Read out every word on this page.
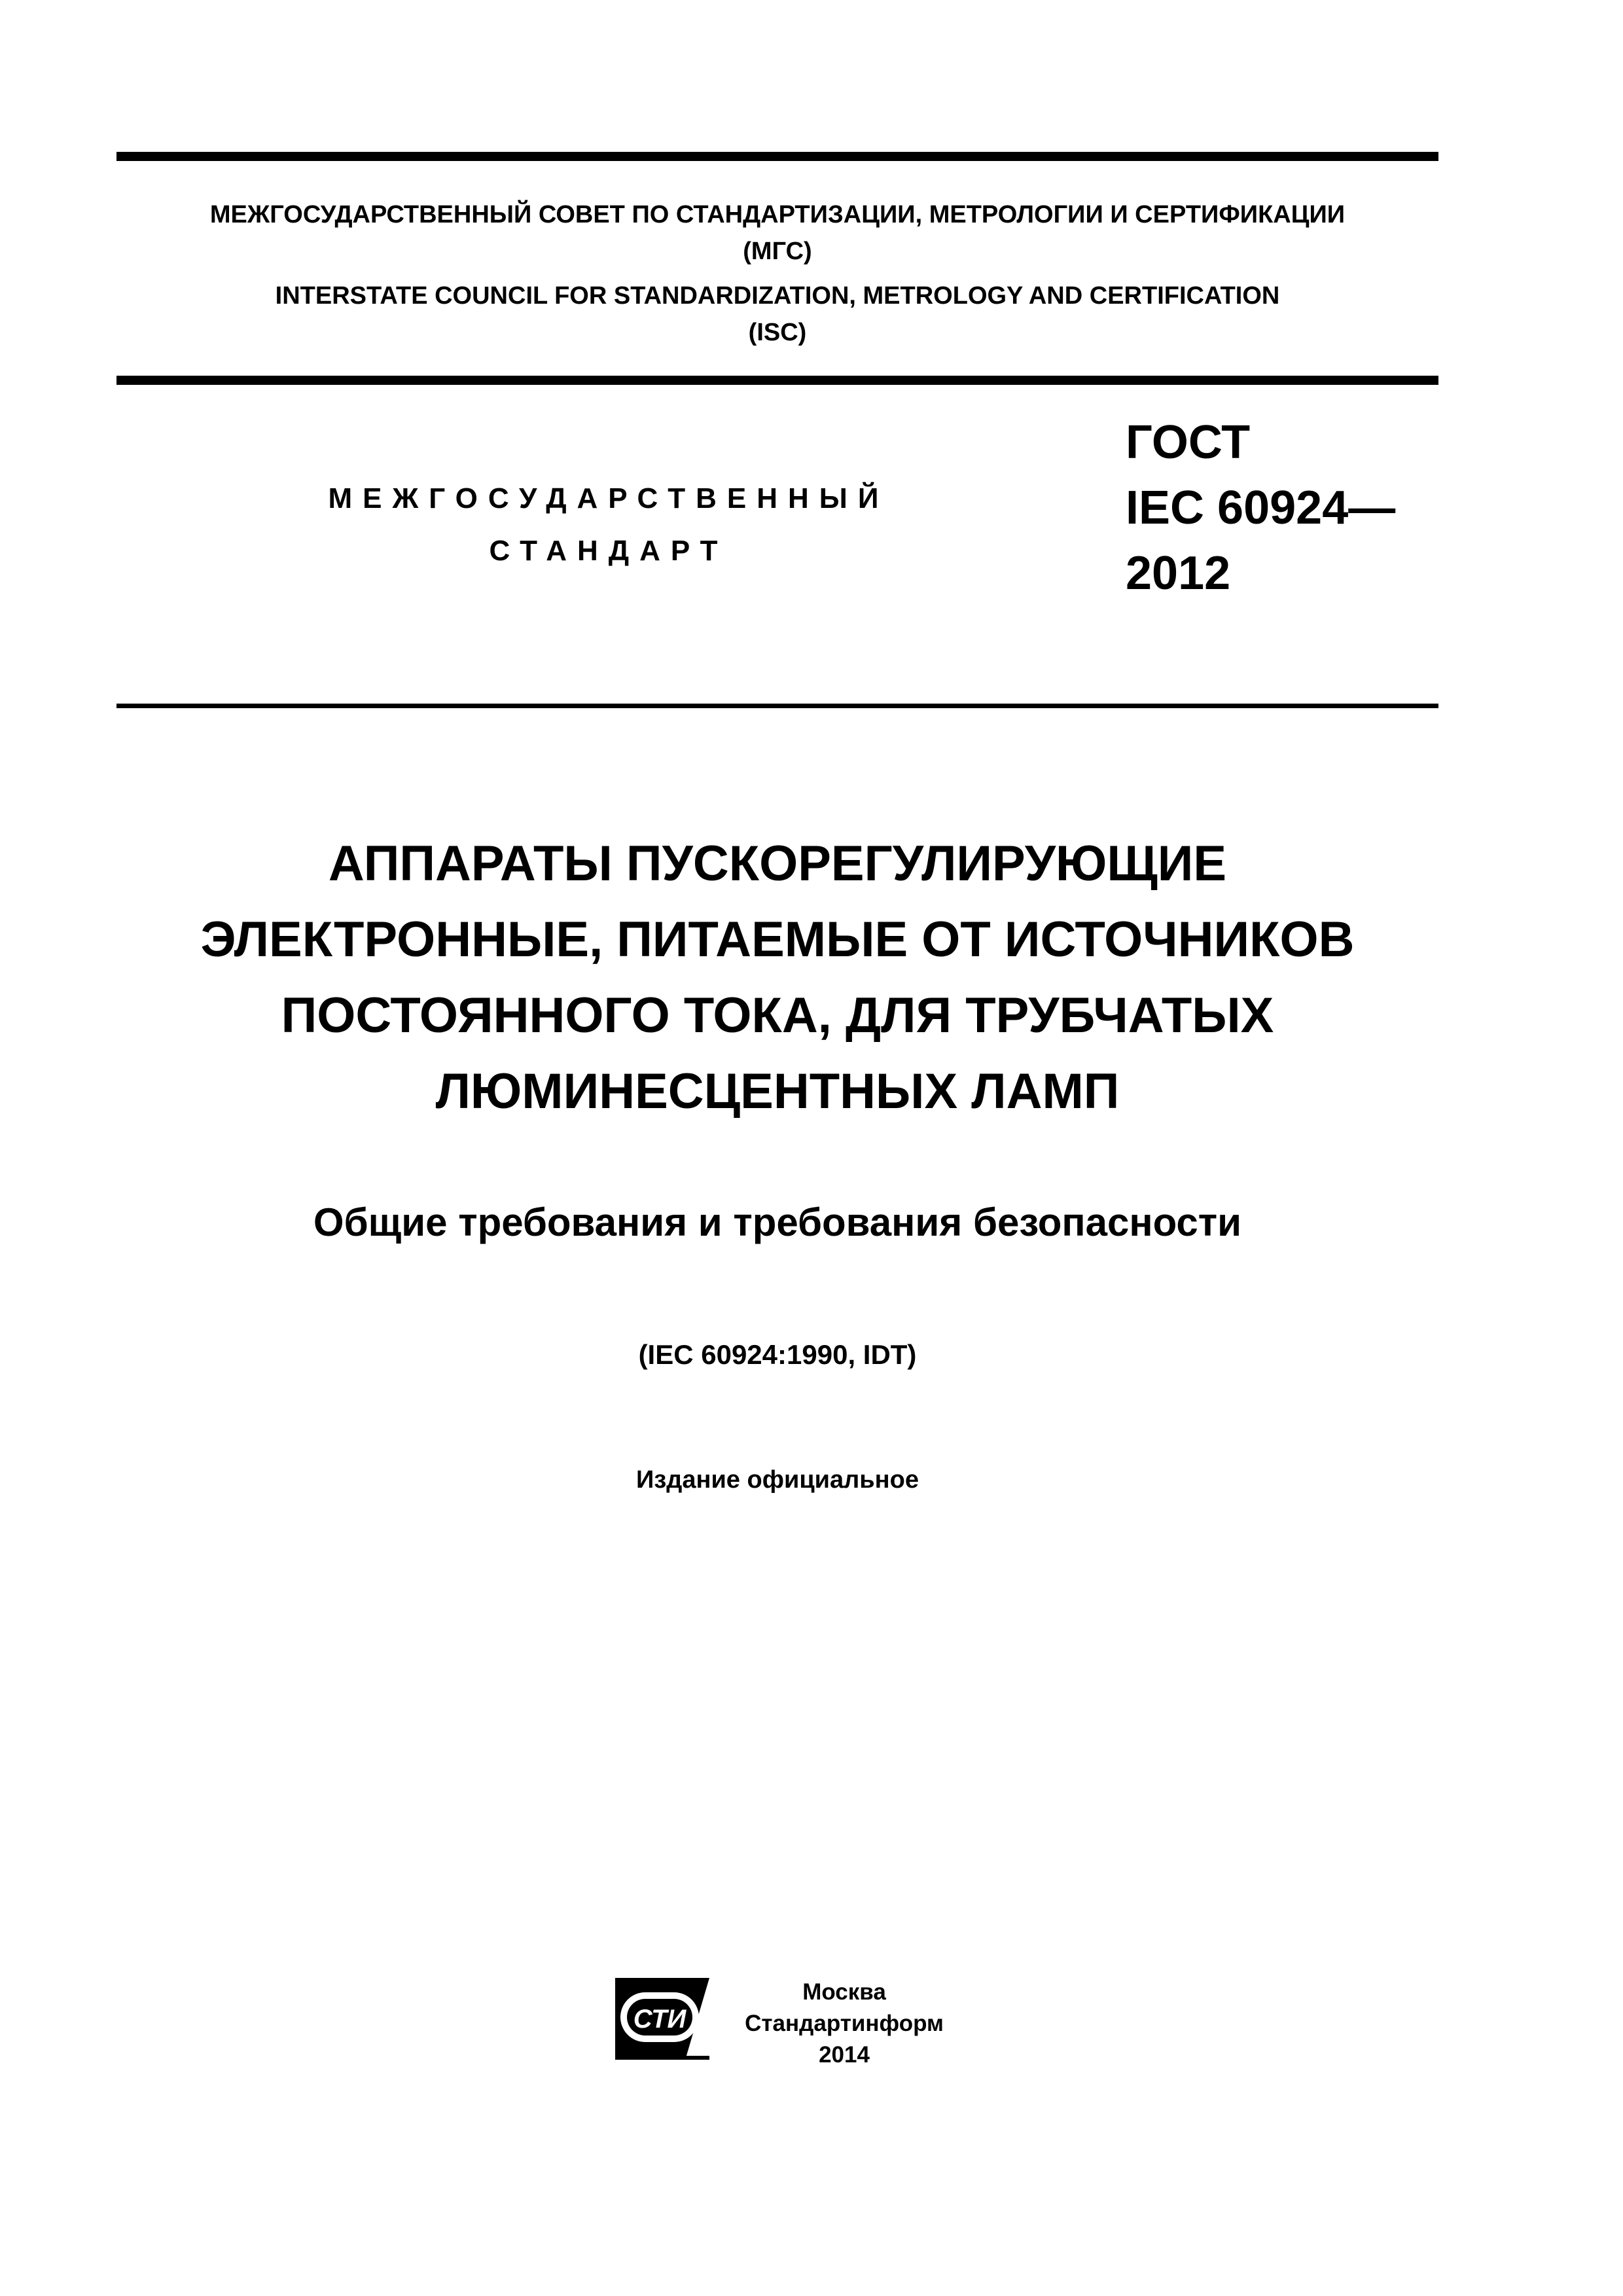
МЕЖГОСУДАРСТВЕННЫЙ СОВЕТ ПО СТАНДАРТИЗАЦИИ, МЕТРОЛОГИИ И СЕРТИФИКАЦИИ
(МГС)
INTERSTATE COUNCIL FOR STANDARDIZATION, METROLOGY AND CERTIFICATION
(ISC)
МЕЖГОСУДАРСТВЕННЫЙ
СТАНДАРТ
ГОСТ
IEC 60924—
2012
АППАРАТЫ ПУСКОРЕГУЛИРУЮЩИЕ
ЭЛЕКТРОННЫЕ, ПИТАЕМЫЕ ОТ ИСТОЧНИКОВ
ПОСТОЯННОГО ТОКА, ДЛЯ ТРУБЧАТЫХ
ЛЮМИНЕСЦЕНТНЫХ ЛАМП
Общие требования и требования безопасности
(IEC 60924:1990, IDT)
Издание официальное
СТИ
Москва
Стандартинформ
2014
